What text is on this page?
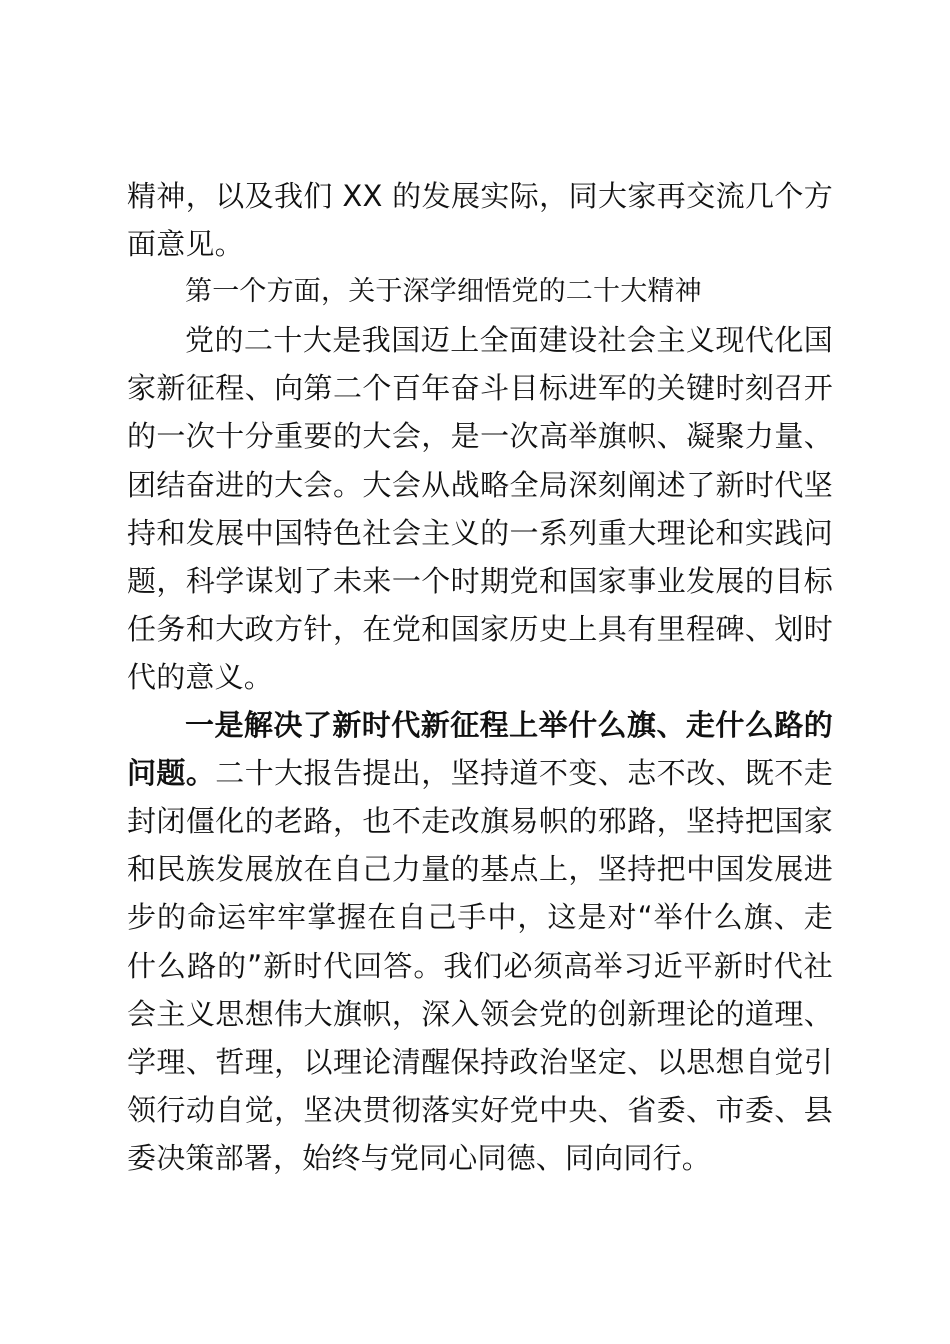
精神，以及我们 XX 的发展实际，同大家再交流几个方面意见。

第一个方面，关于深学细悟党的二十大精神

党的二十大是我国迈上全面建设社会主义现代化国家新征程、向第二个百年奋斗目标进军的关键时刻召开的一次十分重要的大会，是一次高举旗帜、凝聚力量、团结奋进的大会。大会从战略全局深刻阐述了新时代坚持和发展中国特色社会主义的一系列重大理论和实践问题，科学谋划了未来一个时期党和国家事业发展的目标任务和大政方针，在党和国家历史上具有里程碑、划时代的意义。

一是解决了新时代新征程上举什么旗、走什么路的问题。二十大报告提出，坚持道不变、志不改、既不走封闭僵化的老路，也不走改旗易帜的邪路，坚持把国家和民族发展放在自己力量的基点上，坚持把中国发展进步的命运牢牢掌握在自己手中，这是对“举什么旗、走什么路的”新时代回答。我们必须高举习近平新时代社会主义思想伟大旗帜，深入领会党的创新理论的道理、学理、哲理，以理论清醒保持政治坚定、以思想自觉引领行动自觉，坚决贯彻落实好党中央、省委、市委、县委决策部署，始终与党同心同德、同向同行。
